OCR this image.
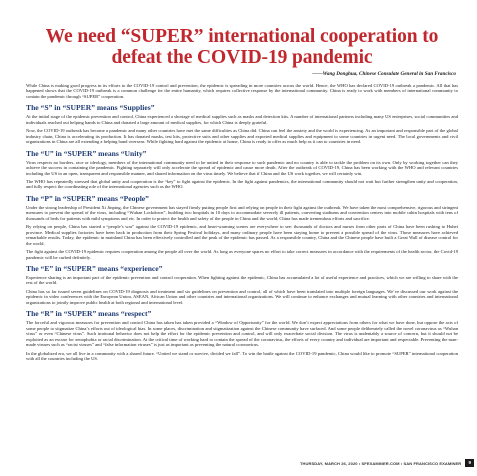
We need “SUPER” international cooperation to defeat the COVID-19 pandemic
——Wang Donghua, Chinese Consulate General in San Francisco

While China is making good progress in its efforts to the COVID-19 control and prevention, the epidemic is spreading in more countries across the world. Hence, the WHO has declared COVID-19 outbreak a pandemic. All that has happened shows that the COVID-19 outbreak is a common challenge for the entire humanity, which requires collective response by the international community. China is ready to work with members of international community to contain the pandemic through “SUPER” cooperation.

The “S” in “SUPER” means “Supplies”

At the initial stage of the epidemic prevention and control, China experienced a shortage of medical supplies such as masks and detection kits. A number of international partners including many US enterprises, social communities and individuals reached out helping hands to China and donated a large amount of medical supplies, for which China is deeply grateful.

Now, the COVID-19 outbreak has become a pandemic and many other countries have met the same difficulties as China did. China can feel the anxiety and the world is experiencing. As an important and responsible part of the global industry chain, China is accelerating its production. It has donated masks, test kits, protective suits and other supplies and exported medical supplies and equipment to some countries in urgent need. The local governments and civil organizations in China are all extending a helping hand overseas. While fighting hard against the epidemic at home, China is ready to offer as much help as it can to countries in need.

The “U” in “SUPER” means “Unity”

Virus respects no borders, race or ideology, members of the international community need to be united in their response to such pandemic and no country is able to tackle the problem on its own. Only by working together can they achieve the success in containing the pandemic. Fighting separately will only accelerate the spread of epidemic and cause more death. After the outbreak of COVID-19, China has been working with the WHO and relevant countries including the US in an open, transparent and responsible manner, and shared information on the virus timely. We believe that if China and the US work together, we will certainly win.

The WHO has repeatedly stressed that global unity and cooperation is the “key” to fight against the epidemic. In the fight against pandemics, the international community should not wait but further strengthen unity and cooperation, and fully respect the coordinating role of the international agencies such as the WHO.

The “P” in “SUPER” means “People”

Under the strong leadership of President Xi Jinping, the Chinese government has stayed firmly putting people first and relying on people in their fight against the outbreak. We have taken the most comprehensive, rigorous and stringent measures to prevent the spread of the virus, including “Wuhan Lockdown”, building two hospitals in 10 days to accommodate severely ill patients, converting stadiums and convention centers into mobile cabin hospitals with tens of thousands of beds for patients with mild symptoms and etc. In order to protect the health and safety of the people in China and the world, China has made tremendous efforts and sacrifice.

By relying on people, China has started a “people’s war” against the COVID-19 epidemic, and heart-warming scenes are everywhere to see: thousands of doctors and nurses from other parts of China have been rushing to Hubei province. Medical supplies factories have been back in production from their Spring Festival holidays, and many ordinary people have been staying home to prevent a possible spread of the virus. Those measures have achieved remarkable results. Today, the epidemic in mainland China has been effectively controlled and the peak of the epidemic has passed. As a responsible country, China and the Chinese people have built a Great Wall of disease control for the world.

The fight against the COVID-19 epidemic requires cooperation among the people all over the world. As long as everyone spares no effort to take correct measures in accordance with the requirements of the health sector, the Covid-19 pandemic will be curbed definitely.

The “E” in “SUPER” means “experience”

Experience sharing is an important part of the epidemic prevention and control cooperation. When fighting against the epidemic, China has accumulated a lot of useful experience and practices, which we are willing to share with the rest of the world.

China has so far issued seven guidelines on COVID-19 diagnosis and treatment and six guidelines on prevention and control, all of which have been translated into multiple foreign languages. We’ve discussed our work against the epidemic in video conferences with the European Union, ASEAN, African Union and other countries and international organizations. We will continue to enhance exchanges and mutual learning with other countries and international organizations to jointly improve public health at both regional and international level.

The “R” in “SUPER” means “respect”

The forceful and vigorous measures for prevention and control China has taken has taken provided a “Window of Opportunity” for the world. We don’t expect appreciations from others for what we have done, but oppose the acts of some people to stigmatize China’s efforts out of ideological bias. In some places, discrimination and stigmatization against the Chinese community have surfaced. And some people deliberately called the novel coronavirus as “Wuhan virus” or even “Chinese virus”. Such irrational behavior does not help the effort for the epidemic prevention and control, and will only exacerbate social division. The virus is undeniably a source of concern, but it should not be exploited as an excuse for xenophobia or racial discrimination. At the critical time of working hard to contain the spread of the coronavirus, the efforts of every country and individual are important and respectable. Preventing the man-made viruses such as “racist viruses” and “false information viruses” is just as important as preventing the natural coronavirus.

In the globalized era, we all live in a community with a shared future. “United we stand or survive, divided we fall”. To win the battle against the COVID-19 pandemic, China would like to promote “SUPER” international cooperation with all the countries including the US.

THURSDAY, MARCH 26, 2020 • SFEXAMINER.COM • SAN FRANCISCO EXAMINER	9
